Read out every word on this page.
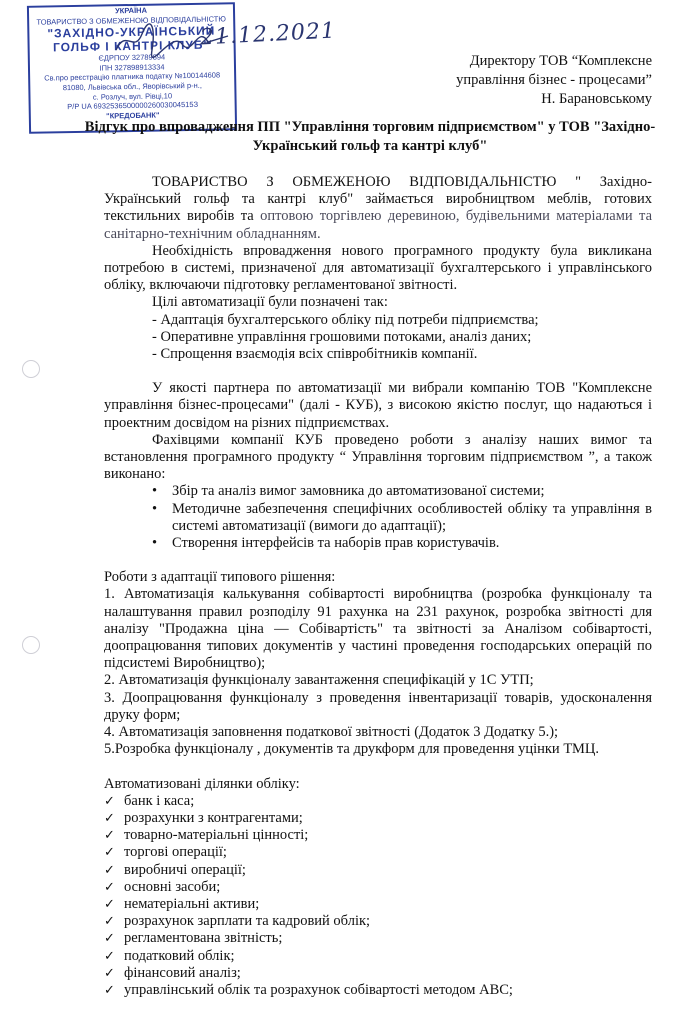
УКРАЇНА
ТОВАРИСТВО З ОБМЕЖЕНОЮ ВІДПОВІДАЛЬНІСТЮ
"ЗАХІДНО-УКРАЇНСЬКИЙ
ГОЛЬФ І КАНТРІ КЛУБ"
ЄДРПОУ 32789894
ІПН 327898913334
Св.про реєстрацію платника податку №100144608
81080, Львівська обл., Яворівський р-н.,
с. Розлуч, вул. Рівці,10
Р/Р UA 693253650000026003004515З
"КРЕДОБАНК"
21.12.2021
Директору ТОВ “Комплексне
управління бізнес - процесами”
Н. Барановському
Відгук про впровадження ПП "Управління торговим підприємством" у ТОВ "Західно-Український гольф та кантрі клуб"

ТОВАРИСТВО З ОБМЕЖЕНОЮ ВІДПОВІДАЛЬНІСТЮ " Західно-Український гольф та кантрі клуб" займається виробництвом меблів, готових текстильних виробів та оптовою торгівлею деревиною, будівельними матеріалами та санітарно-технічним обладнанням.

Необхідність впровадження нового програмного продукту була викликана потребою в системі, призначеної для автоматизації бухгалтерського і управлінського обліку, включаючи підготовку регламентованої звітності.

Цілі автоматизації були позначені так:

- Адаптація бухгалтерського обліку під потреби підприємства;

- Оперативне управління грошовими потоками, аналіз даних;

- Спрощення взаємодія всіх співробітників компанії.

У якості партнера по автоматизації ми вибрали компанію ТОВ "Комплексне управління бізнес-процесами" (далі - КУБ), з високою якістю послуг, що надаються і проектним досвідом на різних підприємствах.

Фахівцями компанії КУБ проведено роботи з аналізу наших вимог та встановлення програмного продукту “ Управління торговим підприємством ”, а також виконано:

• Збір та аналіз вимог замовника до автоматизованої системи;
• Методичне забезпечення специфічних особливостей обліку та управління в системі автоматизації (вимоги до адаптації);
• Створення інтерфейсів та наборів прав користувачів.

Роботи з адаптації типового рішення:

1. Автоматизація калькування собівартості виробництва (розробка функціоналу та налаштування правил розподілу 91 рахунка на 231 рахунок, розробка звітності для аналізу "Продажна ціна — Собівартість" та звітності за Аналізом собівартості, доопрацювання типових документів у частині проведення господарських операцій по підсистемі Виробництво);

2. Автоматизація функціоналу завантаження специфікацій у 1С УТП;

3. Доопрацювання функціоналу з проведення інвентаризації товарів, удосконалення друку форм;

4. Автоматизація заповнення податкової звітності (Додаток 3 Додатку 5.);

5.Розробка функціоналу , документів та друкформ для проведення уцінки ТМЦ.

Автоматизовані ділянки обліку:

✓ банк і каса;
✓ розрахунки з контрагентами;
✓ товарно-матеріальні цінності;
✓ торгові операції;
✓ виробничі операції;
✓ основні засоби;
✓ нематеріальні активи;
✓ розрахунок зарплати та кадровий облік;
✓ регламентована звітність;
✓ податковий облік;
✓ фінансовий аналіз;
✓ управлінський облік та розрахунок собівартості методом АВС;
